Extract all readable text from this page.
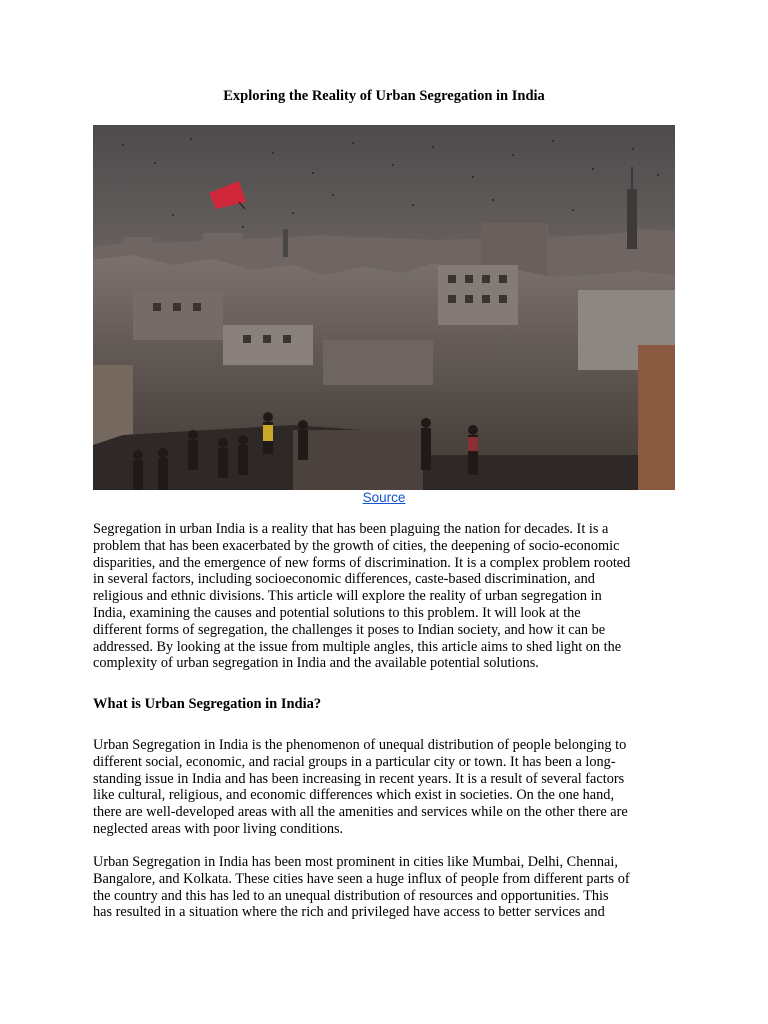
Exploring the Reality of Urban Segregation in India
Source
Segregation in urban India is a reality that has been plaguing the nation for decades. It is a
problem that has been exacerbated by the growth of cities, the deepening of socio-economic
disparities, and the emergence of new forms of discrimination. It is a complex problem rooted
in several factors, including socioeconomic differences, caste-based discrimination, and
religious and ethnic divisions. This article will explore the reality of urban segregation in
India, examining the causes and potential solutions to this problem. It will look at the
different forms of segregation, the challenges it poses to Indian society, and how it can be
addressed. By looking at the issue from multiple angles, this article aims to shed light on the
complexity of urban segregation in India and the available potential solutions.
What is Urban Segregation in India?
Urban Segregation in India is the phenomenon of unequal distribution of people belonging to
different social, economic, and racial groups in a particular city or town. It has been a long-
standing issue in India and has been increasing in recent years. It is a result of several factors
like cultural, religious, and economic differences which exist in societies. On the one hand,
there are well-developed areas with all the amenities and services while on the other there are
neglected areas with poor living conditions.
Urban Segregation in India has been most prominent in cities like Mumbai, Delhi, Chennai,
Bangalore, and Kolkata. These cities have seen a huge influx of people from different parts of
the country and this has led to an unequal distribution of resources and opportunities. This
has resulted in a situation where the rich and privileged have access to better services and
